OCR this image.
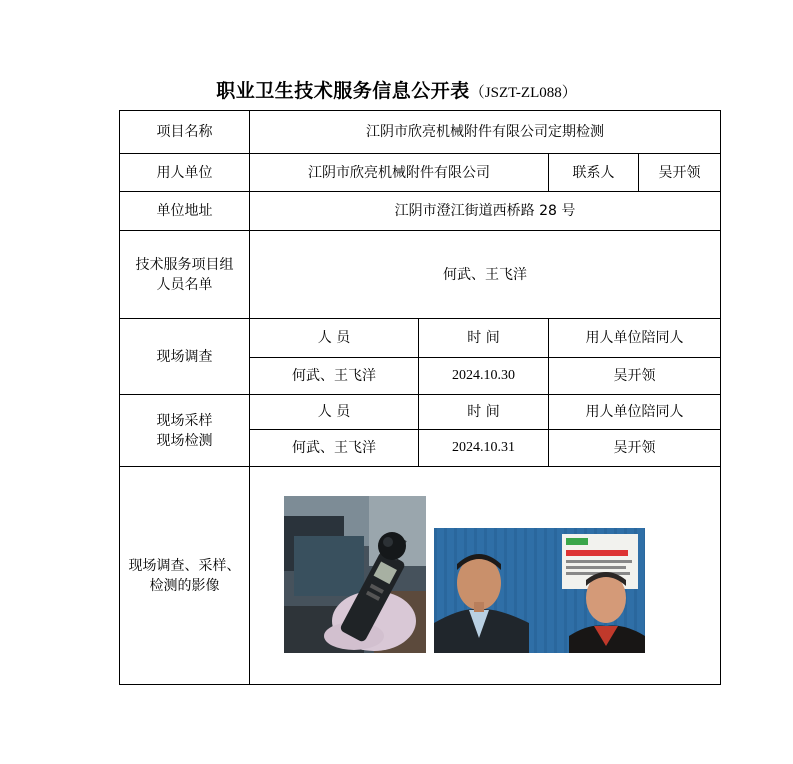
职业卫生技术服务信息公开表（JSZT-ZL088）
项目名称	江阴市欣亮机械附件有限公司定期检测			
用人单位	江阴市欣亮机械附件有限公司		联系人	吴开领
单位地址	江阴市澄江街道西桥路 28 号			

技术服务项目组
人员名单	何武、王飞洋			
现场调查	人 员	时 间	用人单位陪同人	
	何武、王飞洋	2024.10.30	吴开领	

现场采样
现场检测	人 员	时 间	用人单位陪同人	
	何武、王飞洋	2024.10.31	吴开领	

现场调查、采样、
检测的影像
